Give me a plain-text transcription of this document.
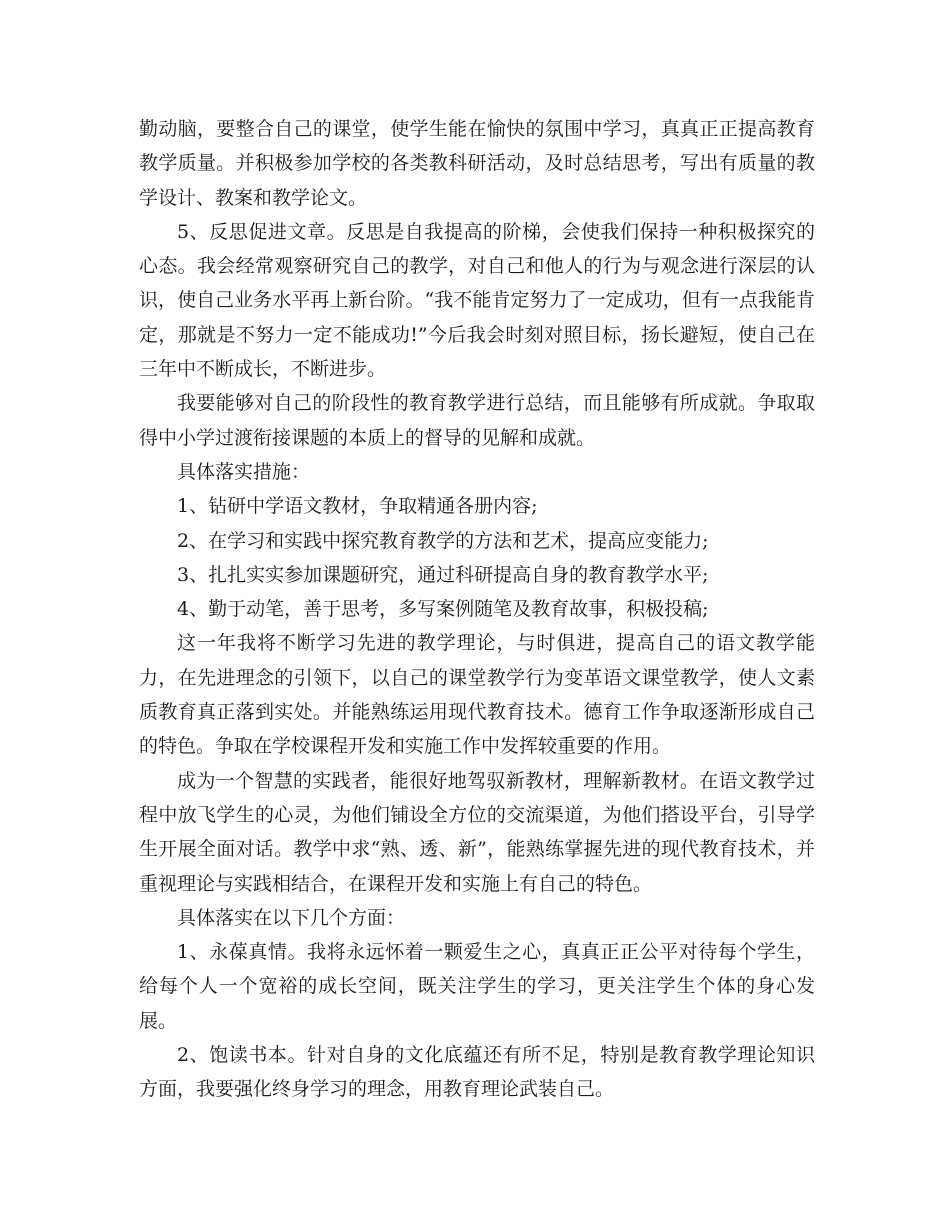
勤动脑，要整合自己的课堂，使学生能在愉快的氛围中学习，真真正正提高教育教学质量。并积极参加学校的各类教科研活动，及时总结思考，写出有质量的教学设计、教案和教学论文。

5、反思促进文章。反思是自我提高的阶梯，会使我们保持一种积极探究的心态。我会经常观察研究自己的教学，对自己和他人的行为与观念进行深层的认识，使自己业务水平再上新台阶。“我不能肯定努力了一定成功，但有一点我能肯定，那就是不努力一定不能成功!”今后我会时刻对照目标，扬长避短，使自己在三年中不断成长，不断进步。

我要能够对自己的阶段性的教育教学进行总结，而且能够有所成就。争取取得中小学过渡衔接课题的本质上的督导的见解和成就。

具体落实措施：

1、钻研中学语文教材，争取精通各册内容;

2、在学习和实践中探究教育教学的方法和艺术，提高应变能力;

3、扎扎实实参加课题研究，通过科研提高自身的教育教学水平;

4、勤于动笔，善于思考，多写案例随笔及教育故事，积极投稿;

这一年我将不断学习先进的教学理论，与时俱进，提高自己的语文教学能力，在先进理念的引领下，以自己的课堂教学行为变革语文课堂教学，使人文素质教育真正落到实处。并能熟练运用现代教育技术。德育工作争取逐渐形成自己的特色。争取在学校课程开发和实施工作中发挥较重要的作用。

成为一个智慧的实践者，能很好地驾驭新教材，理解新教材。在语文教学过程中放飞学生的心灵，为他们铺设全方位的交流渠道，为他们搭设平台，引导学生开展全面对话。教学中求“熟、透、新”，能熟练掌握先进的现代教育技术，并重视理论与实践相结合，在课程开发和实施上有自己的特色。

具体落实在以下几个方面：

1、永葆真情。我将永远怀着一颗爱生之心，真真正正公平对待每个学生，给每个人一个宽裕的成长空间，既关注学生的学习，更关注学生个体的身心发展。

2、饱读书本。针对自身的文化底蕴还有所不足，特别是教育教学理论知识方面，我要强化终身学习的理念，用教育理论武装自己。
